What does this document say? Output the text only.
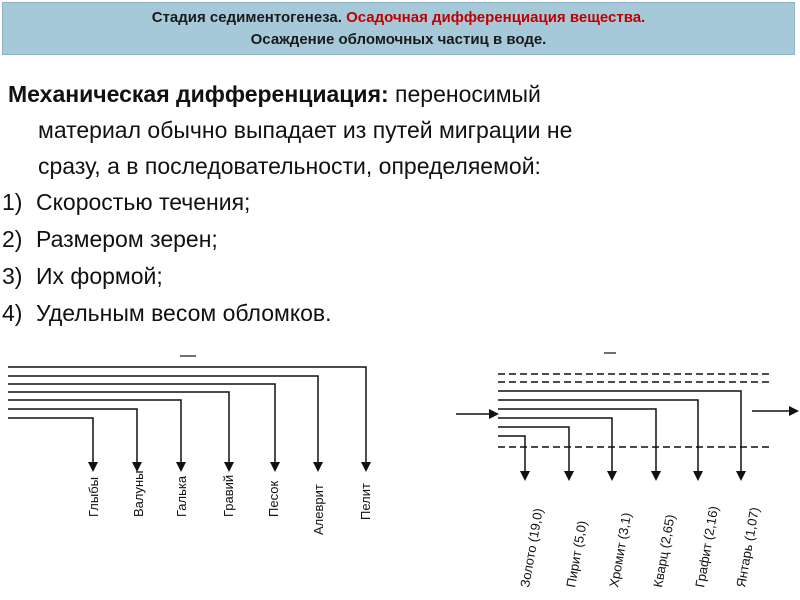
Стадия седиментогенеза. Осадочная дифференциация вещества.
Осаждение обломочных частиц в воде.
Механическая дифференциация: переносимый
материал обычно выпадает из путей миграции не
сразу, а в последовательности, определяемой:
1) Скоростью течения;
2) Размером зерен;
3) Их формой;
4) Удельным весом обломков.
Глыбы Валуны Галька Гравий Песок Алеврит Пелит
Золото (19,0) Пирит (5,0) Хромит (3,1) Кварц (2,65) Графит (2,16) Янтарь (1,07)
